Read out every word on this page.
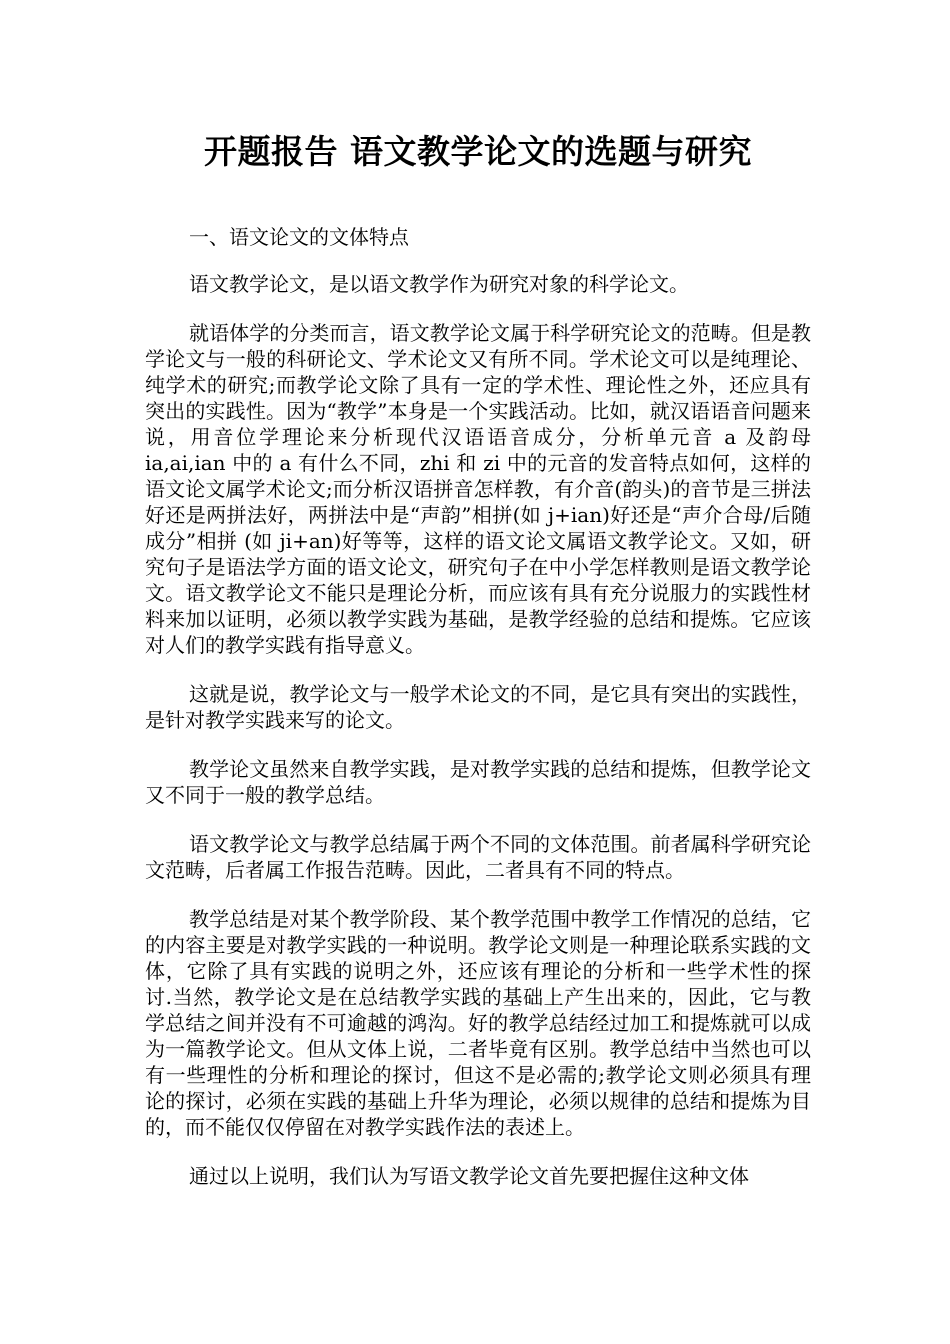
开题报告 语文教学论文的选题与研究

一、语文论文的文体特点

语文教学论文，是以语文教学作为研究对象的科学论文。

就语体学的分类而言，语文教学论文属于科学研究论文的范畴。但是教学论文与一般的科研论文、学术论文又有所不同。学术论文可以是纯理论、纯学术的研究;而教学论文除了具有一定的学术性、理论性之外，还应具有突出的实践性。因为“教学”本身是一个实践活动。比如，就汉语语音问题来说，用音位学理论来分析现代汉语语音成分，分析单元音 a 及韵母 ia,ai,ian 中的 a 有什么不同，zhi 和 zi 中的元音的发音特点如何，这样的语文论文属学术论文;而分析汉语拼音怎样教，有介音(韵头)的音节是三拼法好还是两拼法好，两拼法中是“声韵”相拼(如 j+ian)好还是“声介合母/后随成分”相拼 (如 ji+an)好等等，这样的语文论文属语文教学论文。又如，研究句子是语法学方面的语文论文，研究句子在中小学怎样教则是语文教学论文。语文教学论文不能只是理论分析，而应该有具有充分说服力的实践性材料来加以证明，必须以教学实践为基础，是教学经验的总结和提炼。它应该对人们的教学实践有指导意义。

这就是说，教学论文与一般学术论文的不同，是它具有突出的实践性，是针对教学实践来写的论文。

教学论文虽然来自教学实践，是对教学实践的总结和提炼，但教学论文又不同于一般的教学总结。

语文教学论文与教学总结属于两个不同的文体范围。前者属科学研究论文范畴，后者属工作报告范畴。因此，二者具有不同的特点。

教学总结是对某个教学阶段、某个教学范围中教学工作情况的总结，它的内容主要是对教学实践的一种说明。教学论文则是一种理论联系实践的文体，它除了具有实践的说明之外，还应该有理论的分析和一些学术性的探讨.当然，教学论文是在总结教学实践的基础上产生出来的，因此，它与教学总结之间并没有不可逾越的鸿沟。好的教学总结经过加工和提炼就可以成为一篇教学论文。但从文体上说，二者毕竟有区别。教学总结中当然也可以有一些理性的分析和理论的探讨，但这不是必需的;教学论文则必须具有理论的探讨，必须在实践的基础上升华为理论，必须以规律的总结和提炼为目的，而不能仅仅停留在对教学实践作法的表述上。

通过以上说明，我们认为写语文教学论文首先要把握住这种文体
